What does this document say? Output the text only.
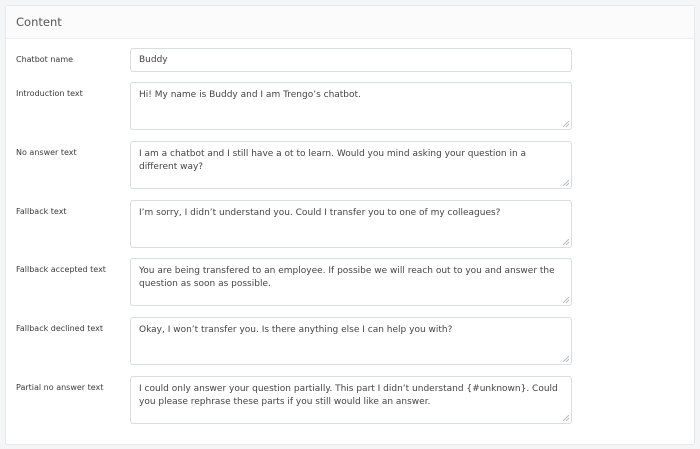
Content
Chatbot name	Buddy
Introduction text	Hi! My name is Buddy and I am Trengo’s chatbot.
No answer text	I am a chatbot and I still have a ot to learn. Would you mind asking your question in a different way?
Fallback text	I’m sorry, I didn’t understand you. Could I transfer you to one of my colleagues?
Fallback accepted text	You are being transfered to an employee. If possibe we will reach out to you and answer the question as soon as possible.
Fallback declined text	Okay, I won’t transfer you. Is there anything else I can help you with?
Partial no answer text	I could only answer your question partially. This part I didn’t understand {#unknown}. Could you please rephrase these parts if you still would like an answer.
